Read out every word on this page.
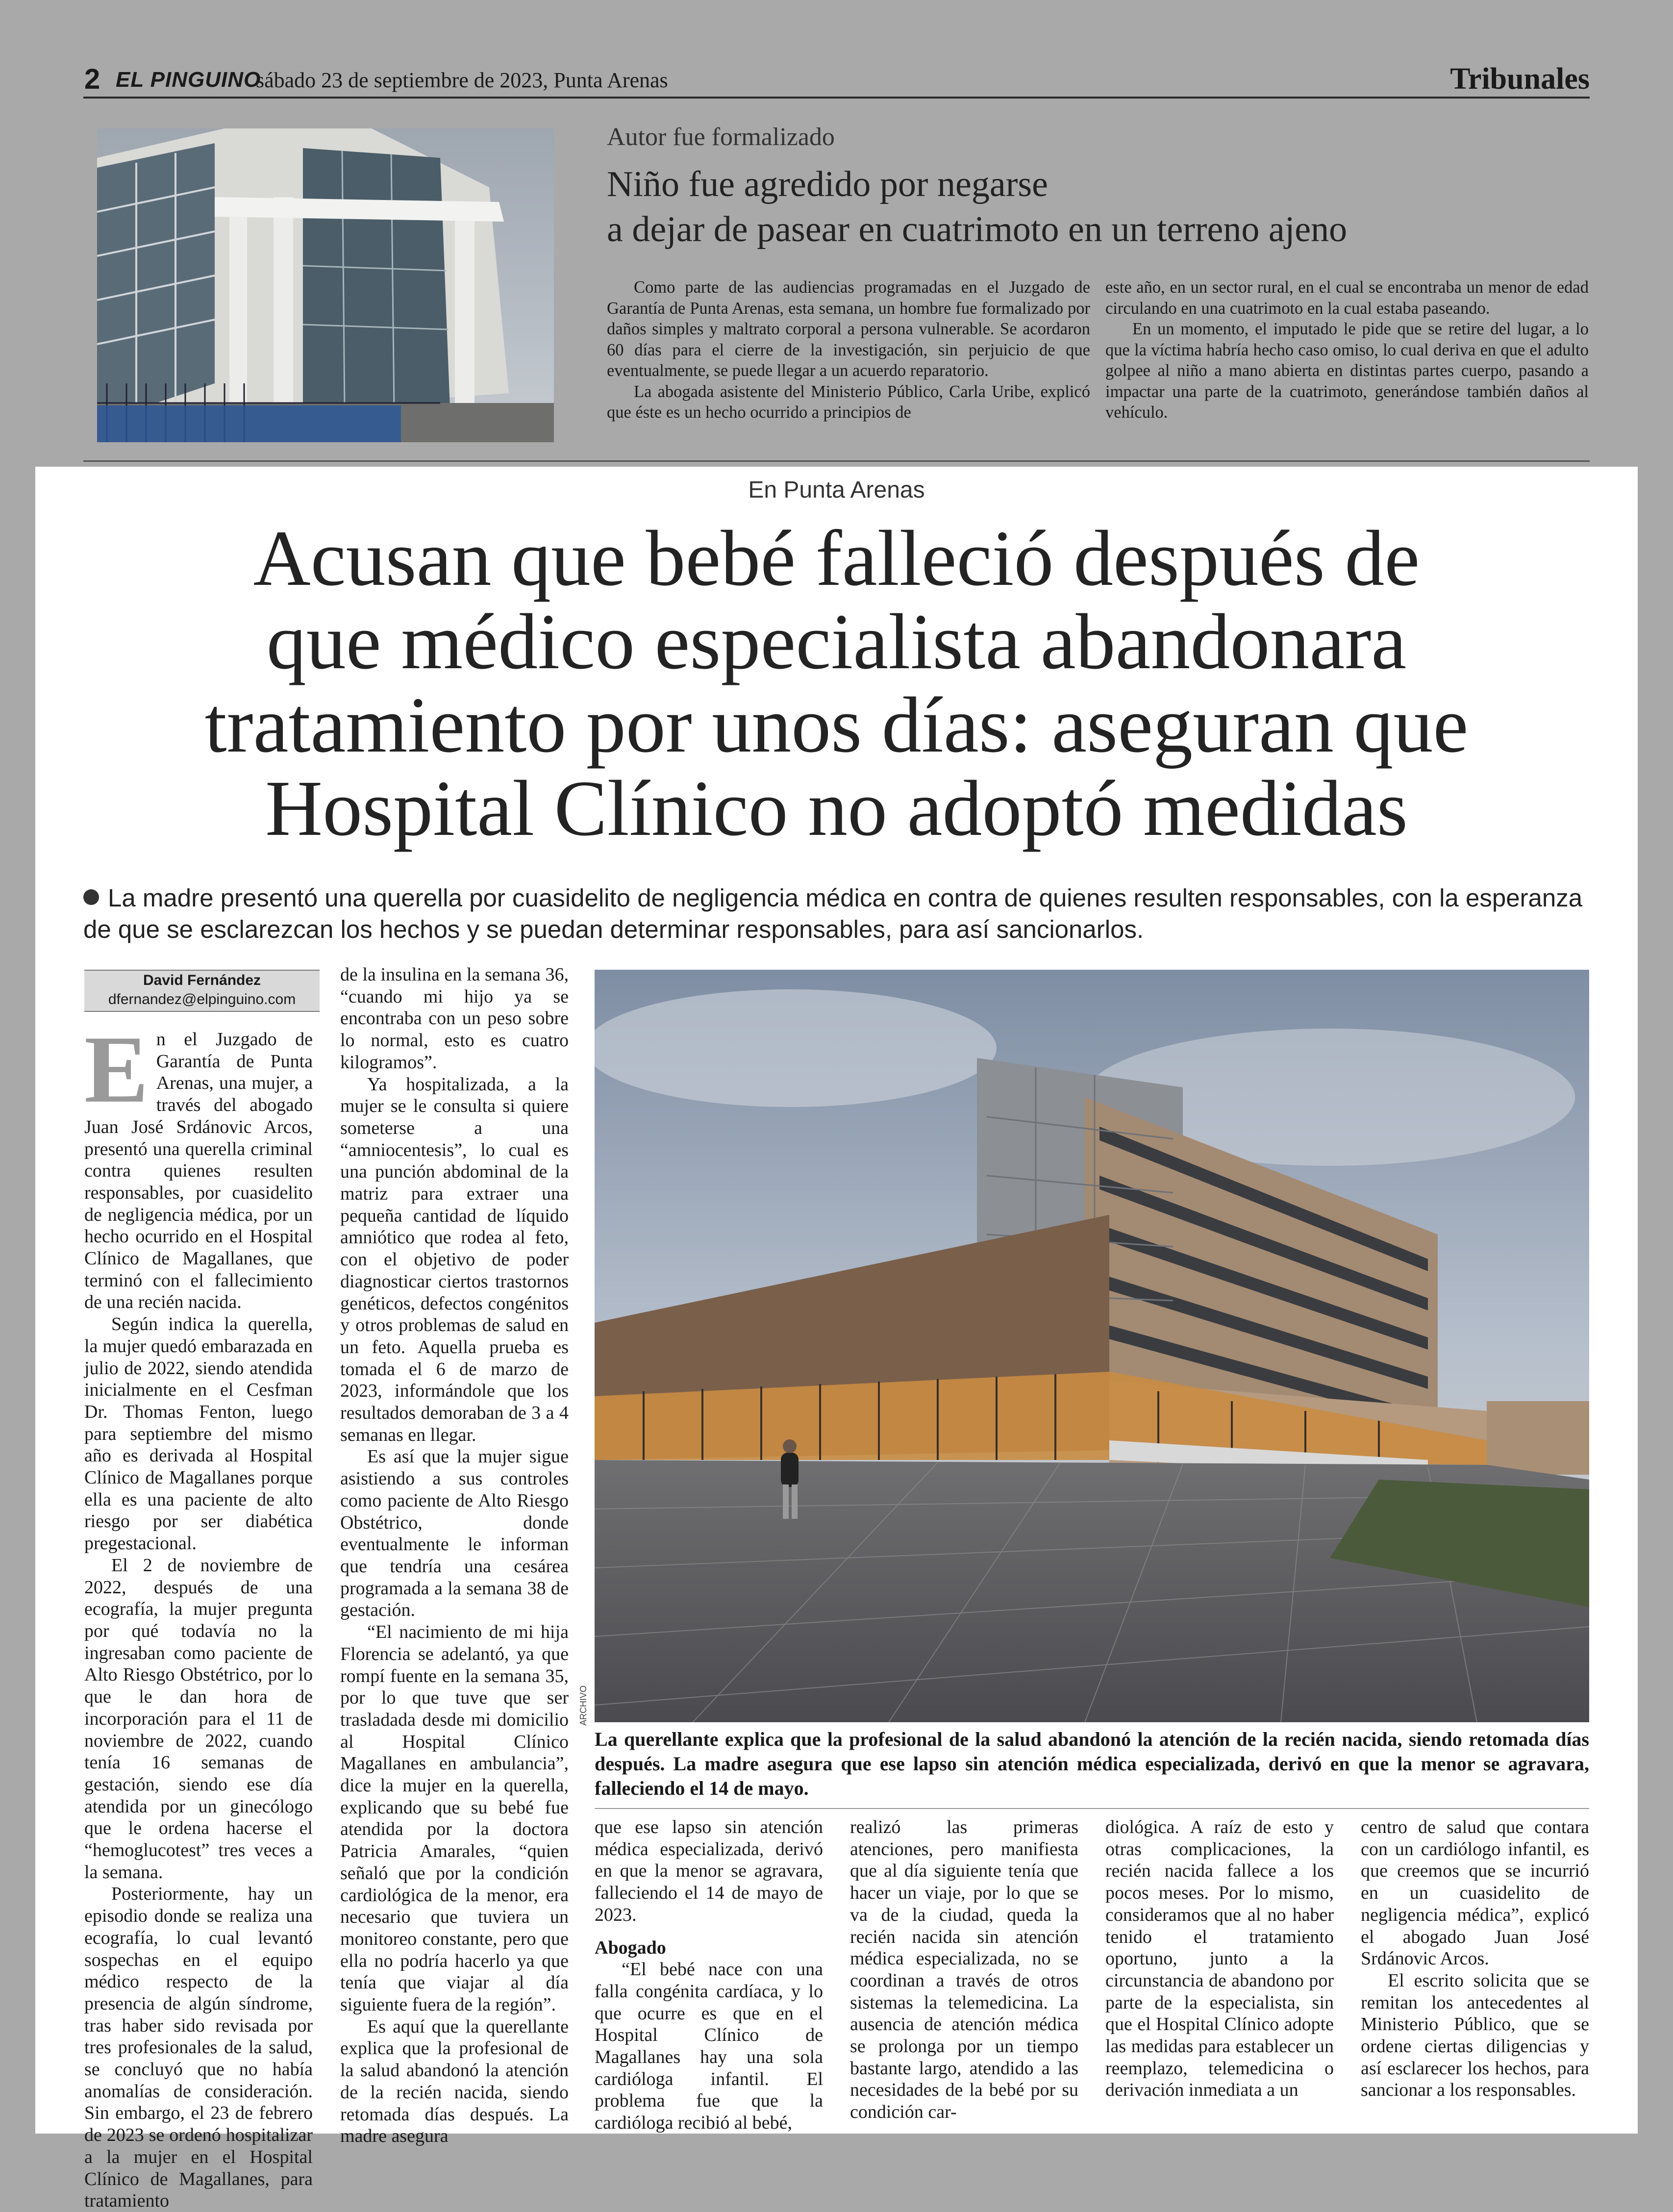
2 EL PINGUINO
sábado 23 de septiembre de 2023, Punta Arenas	Tribunales
Autor fue formalizado
Niño fue agredido por negarse
a dejar de pasear en cuatrimoto en un terreno ajeno

Como parte de las audiencias programadas en el Juzgado de Garantía de Punta Arenas, esta semana, un hombre fue formalizado por daños simples y maltrato corporal a persona vulnerable. Se acordaron 60 días para el cierre de la investigación, sin perjuicio de que eventualmente, se puede llegar a un acuerdo reparatorio.

La abogada asistente del Ministerio Público, Carla Uribe, explicó que éste es un hecho ocurrido a principios de

este año, en un sector rural, en el cual se encontraba un menor de edad circulando en una cuatrimoto en la cual estaba paseando.

En un momento, el imputado le pide que se retire del lugar, a lo que la víctima habría hecho caso omiso, lo cual deriva en que el adulto golpee al niño a mano abierta en distintas partes cuerpo, pasando a impactar una parte de la cuatrimoto, generándose también daños al vehículo.

En Punta Arenas
Acusan que bebé falleció después de
que médico especialista abandonara
tratamiento por unos días: aseguran que
Hospital Clínico no adoptó medidas
La madre presentó una querella por cuasidelito de negligencia médica en contra de quienes resulten responsables, con la esperanza de que se esclarezcan los hechos y se puedan determinar responsables, para así sancionarlos.
David Fernández
dfernandez@elpinguino.com

En el Juzgado de Garantía de Punta Arenas, una mujer, a través del abogado Juan José Srdánovic Arcos, presentó una querella criminal contra quienes resulten responsables, por cuasidelito de negligencia médica, por un hecho ocurrido en el Hospital Clínico de Magallanes, que terminó con el fallecimiento de una recién nacida.

Según indica la querella, la mujer quedó embarazada en julio de 2022, siendo atendida inicialmente en el Cesfman Dr. Thomas Fenton, luego para septiembre del mismo año es derivada al Hospital Clínico de Magallanes porque ella es una paciente de alto riesgo por ser diabética pregestacional.

El 2 de noviembre de 2022, después de una ecografía, la mujer pregunta por qué todavía no la ingresaban como paciente de Alto Riesgo Obstétrico, por lo que le dan hora de incorporación para el 11 de noviembre de 2022, cuando tenía 16 semanas de gestación, siendo ese día atendida por un ginecólogo que le ordena hacerse el “hemoglucotest” tres veces a la semana.

Posteriormente, hay un episodio donde se realiza una ecografía, lo cual levantó sospechas en el equipo médico respecto de la presencia de algún síndrome, tras haber sido revisada por tres profesionales de la salud, se concluyó que no había anomalías de consideración. Sin embargo, el 23 de febrero de 2023 se ordenó hospitalizar a la mujer en el Hospital Clínico de Magallanes, para tratamiento

de la insulina en la semana 36, “cuando mi hijo ya se encontraba con un peso sobre lo normal, esto es cuatro kilogramos”.

Ya hospitalizada, a la mujer se le consulta si quiere someterse a una “amniocentesis”, lo cual es una punción abdominal de la matriz para extraer una pequeña cantidad de líquido amniótico que rodea al feto, con el objetivo de poder diagnosticar ciertos trastornos genéticos, defectos congénitos y otros problemas de salud en un feto. Aquella prueba es tomada el 6 de marzo de 2023, informándole que los resultados demoraban de 3 a 4 semanas en llegar.

Es así que la mujer sigue asistiendo a sus controles como paciente de Alto Riesgo Obstétrico, donde eventualmente le informan que tendría una cesárea programada a la semana 38 de gestación.

“El nacimiento de mi hija Florencia se adelantó, ya que rompí fuente en la semana 35, por lo que tuve que ser trasladada desde mi domicilio al Hospital Clínico Magallanes en ambulancia”, dice la mujer en la querella, explicando que su bebé fue atendida por la doctora Patricia Amarales, “quien señaló que por la condición cardiológica de la menor, era necesario que tuviera un monitoreo constante, pero que ella no podría hacerlo ya que tenía que viajar al día siguiente fuera de la región”.

Es aquí que la querellante explica que la profesional de la salud abandonó la atención de la recién nacida, siendo retomada días después. La madre asegura

ARCHIVO
La querellante explica que la profesional de la salud abandonó la atención de la recién nacida, siendo retomada días después. La madre asegura que ese lapso sin atención médica especializada, derivó en que la menor se agravara, falleciendo el 14 de mayo.

que ese lapso sin atención médica especializada, derivó en que la menor se agravara, falleciendo el 14 de mayo de 2023.

Abogado

“El bebé nace con una falla congénita cardíaca, y lo que ocurre es que en el Hospital Clínico de Magallanes hay una sola cardióloga infantil. El problema fue que la cardióloga recibió al bebé,

realizó las primeras atenciones, pero manifiesta que al día siguiente tenía que hacer un viaje, por lo que se va de la ciudad, queda la recién nacida sin atención médica especializada, no se coordinan a través de otros sistemas la telemedicina. La ausencia de atención médica se prolonga por un tiempo bastante largo, atendido a las necesidades de la bebé por su condición car-

diológica. A raíz de esto y otras complicaciones, la recién nacida fallece a los pocos meses. Por lo mismo, consideramos que al no haber tenido el tratamiento oportuno, junto a la circunstancia de abandono por parte de la especialista, sin que el Hospital Clínico adopte las medidas para establecer un reemplazo, telemedicina o derivación inmediata a un

centro de salud que contara con un cardiólogo infantil, es que creemos que se incurrió en un cuasidelito de negligencia médica”, explicó el abogado Juan José Srdánovic Arcos.

El escrito solicita que se remitan los antecedentes al Ministerio Público, que se ordene ciertas diligencias y así esclarecer los hechos, para sancionar a los responsables.
